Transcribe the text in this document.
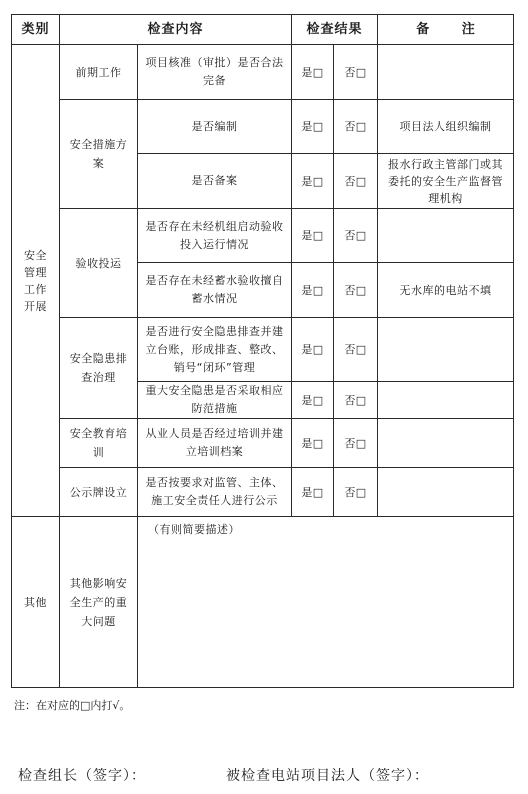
类别	检查内容		检查结果		备 注
安全管理工作开展	前期工作	项目核准（审批）是否合法完备	是□	否□	
	安全措施方案	是否编制	是□	否□	项目法人组织编制
		是否备案	是□	否□	报水行政主管部门或其委托的安全生产监督管理机构
	验收投运	是否存在未经机组启动验收投入运行情况	是□	否□	
		是否存在未经蓄水验收擅自蓄水情况	是□	否□	无水库的电站不填
	安全隐患排查治理	是否进行安全隐患排查并建立台账，形成排查、整改、销号“闭环”管理	是□	否□	
		重大安全隐患是否采取相应防范措施	是□	否□	
	安全教育培训	从业人员是否经过培训并建立培训档案	是□	否□	
	公示牌设立	是否按要求对监管、主体、施工安全责任人进行公示	是□	否□	
其他	其他影响安全生产的重大问题	（有则简要描述）			
注：在对应的□内打√。
检查组长（签字）：	被检查电站项目法人（签字）：
